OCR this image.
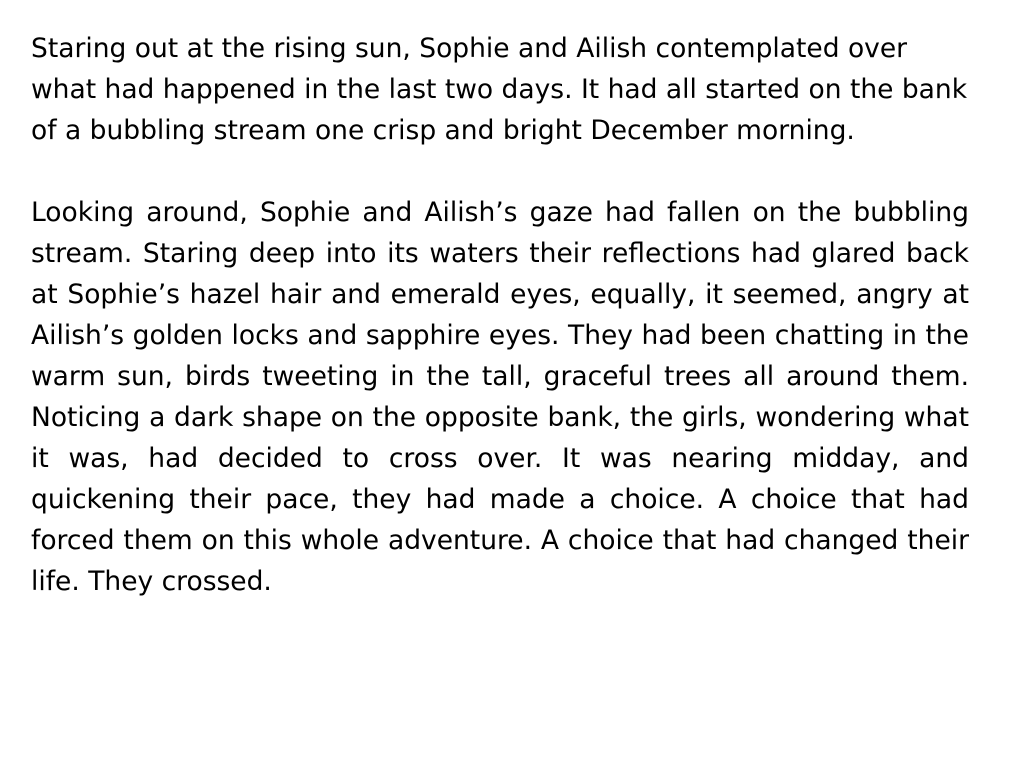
Staring out at the rising sun, Sophie and Ailish contemplated over what had happened in the last two days. It had all started on the bank of a bubbling stream one crisp and bright December morning.

Looking around, Sophie and Ailish’s gaze had fallen on the bubbling stream. Staring deep into its waters their reflections had glared back at Sophie’s hazel hair and emerald eyes, equally, it seemed, angry at Ailish’s golden locks and sapphire eyes. They had been chatting in the warm sun, birds tweeting in the tall, graceful trees all around them. Noticing a dark shape on the opposite bank, the girls, wondering what it was, had decided to cross over. It was nearing midday, and quickening their pace, they had made a choice. A choice that had forced them on this whole adventure. A choice that had changed their life. They crossed.
